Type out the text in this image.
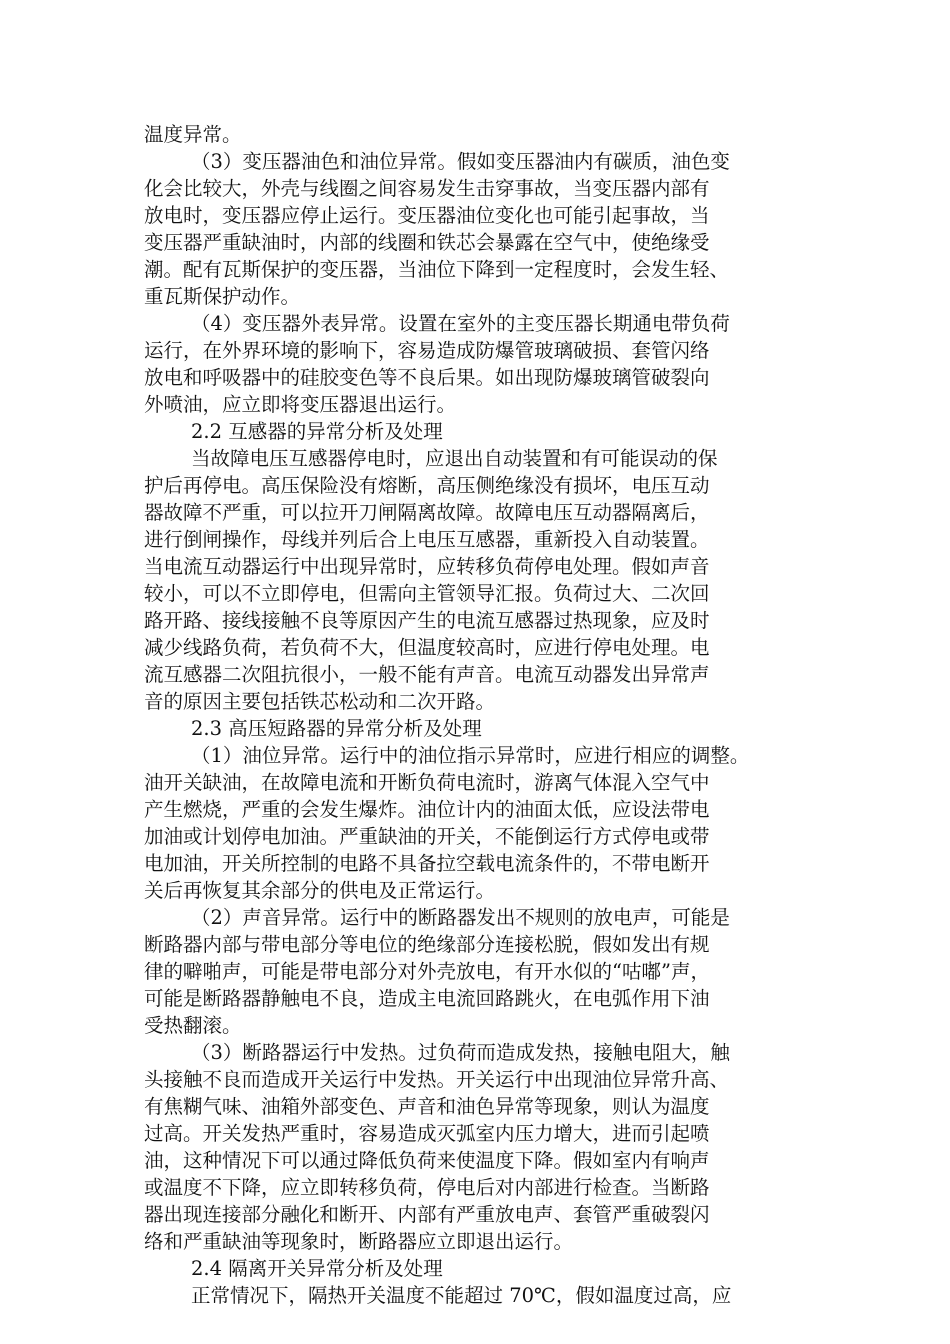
温度异常。
（3）变压器油色和油位异常。假如变压器油内有碳质，油色变
化会比较大，外壳与线圈之间容易发生击穿事故，当变压器内部有
放电时，变压器应停止运行。变压器油位变化也可能引起事故，当
变压器严重缺油时，内部的线圈和铁芯会暴露在空气中，使绝缘受
潮。配有瓦斯保护的变压器，当油位下降到一定程度时，会发生轻、
重瓦斯保护动作。
（4）变压器外表异常。设置在室外的主变压器长期通电带负荷
运行，在外界环境的影响下，容易造成防爆管玻璃破损、套管闪络
放电和呼吸器中的硅胶变色等不良后果。如出现防爆玻璃管破裂向
外喷油，应立即将变压器退出运行。
2.2 互感器的异常分析及处理
当故障电压互感器停电时，应退出自动装置和有可能误动的保
护后再停电。高压保险没有熔断，高压侧绝缘没有损坏，电压互动
器故障不严重，可以拉开刀闸隔离故障。故障电压互动器隔离后，
进行倒闸操作，母线并列后合上电压互感器，重新投入自动装置。
当电流互动器运行中出现异常时，应转移负荷停电处理。假如声音
较小，可以不立即停电，但需向主管领导汇报。负荷过大、二次回
路开路、接线接触不良等原因产生的电流互感器过热现象，应及时
减少线路负荷，若负荷不大，但温度较高时，应进行停电处理。电
流互感器二次阻抗很小，一般不能有声音。电流互动器发出异常声
音的原因主要包括铁芯松动和二次开路。
2.3 高压短路器的异常分析及处理
（1）油位异常。运行中的油位指示异常时，应进行相应的调整。
油开关缺油，在故障电流和开断负荷电流时，游离气体混入空气中
产生燃烧，严重的会发生爆炸。油位计内的油面太低，应设法带电
加油或计划停电加油。严重缺油的开关，不能倒运行方式停电或带
电加油，开关所控制的电路不具备拉空载电流条件的，不带电断开
关后再恢复其余部分的供电及正常运行。
（2）声音异常。运行中的断路器发出不规则的放电声，可能是
断路器内部与带电部分等电位的绝缘部分连接松脱，假如发出有规
律的噼啪声，可能是带电部分对外壳放电，有开水似的“咕嘟”声，
可能是断路器静触电不良，造成主电流回路跳火，在电弧作用下油
受热翻滚。
（3）断路器运行中发热。过负荷而造成发热，接触电阻大，触
头接触不良而造成开关运行中发热。开关运行中出现油位异常升高、
有焦糊气味、油箱外部变色、声音和油色异常等现象，则认为温度
过高。开关发热严重时，容易造成灭弧室内压力增大，进而引起喷
油，这种情况下可以通过降低负荷来使温度下降。假如室内有响声
或温度不下降，应立即转移负荷，停电后对内部进行检查。当断路
器出现连接部分融化和断开、内部有严重放电声、套管严重破裂闪
络和严重缺油等现象时，断路器应立即退出运行。
2.4 隔离开关异常分析及处理
正常情况下，隔热开关温度不能超过 70℃，假如温度过高，应
